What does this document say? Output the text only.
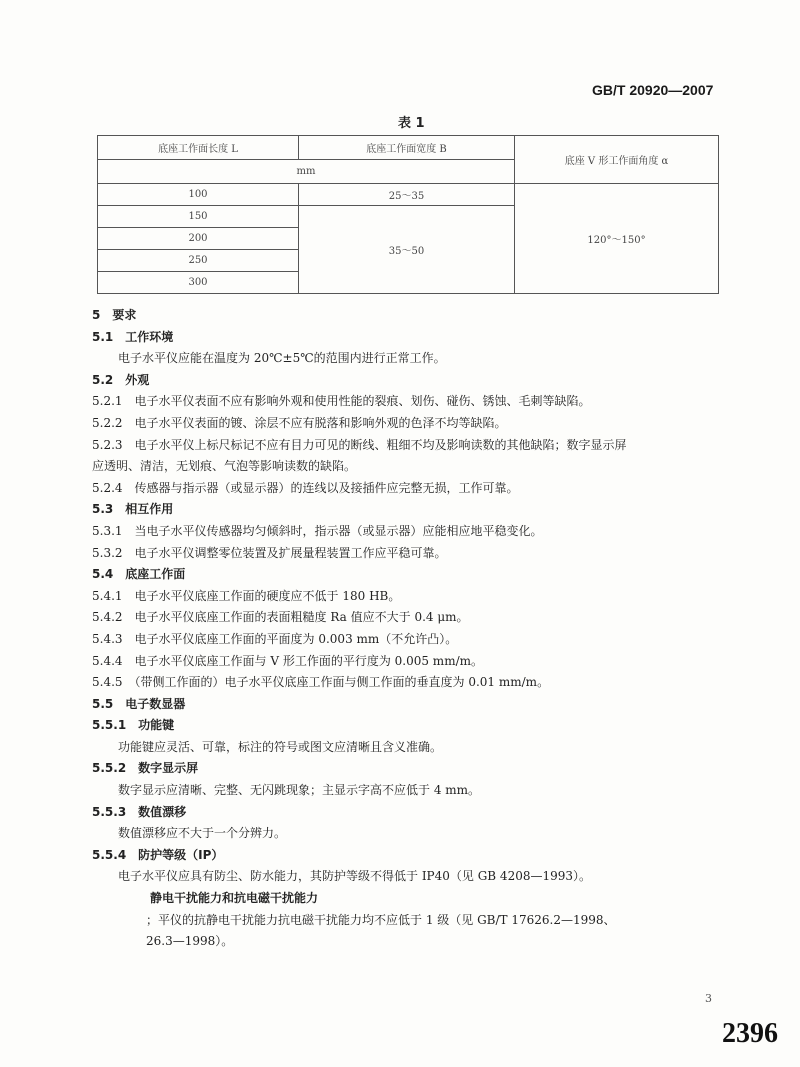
GB/T 20920—2007
表 1
底座工作面长度 L	底座工作面宽度 B	底座 V 形工作面角度 α
mm		
100	25～35	120°～150°
150	35～50	
200		
250		
300		
5　要求
5.1　工作环境
电子水平仪应能在温度为 20℃±5℃的范围内进行正常工作。
5.2　外观
5.2.1　电子水平仪表面不应有影响外观和使用性能的裂痕、划伤、碰伤、锈蚀、毛刺等缺陷。
5.2.2　电子水平仪表面的镀、涂层不应有脱落和影响外观的色泽不均等缺陷。
5.2.3　电子水平仪上标尺标记不应有目力可见的断线、粗细不均及影响读数的其他缺陷；数字显示屏
应透明、清洁，无划痕、气泡等影响读数的缺陷。
5.2.4　传感器与指示器（或显示器）的连线以及接插件应完整无损，工作可靠。
5.3　相互作用
5.3.1　当电子水平仪传感器均匀倾斜时，指示器（或显示器）应能相应地平稳变化。
5.3.2　电子水平仪调整零位装置及扩展量程装置工作应平稳可靠。
5.4　底座工作面
5.4.1　电子水平仪底座工作面的硬度应不低于 180 HB。
5.4.2　电子水平仪底座工作面的表面粗糙度 Ra 值应不大于 0.4 μm。
5.4.3　电子水平仪底座工作面的平面度为 0.003 mm（不允许凸）。
5.4.4　电子水平仪底座工作面与 V 形工作面的平行度为 0.005 mm/m。
5.4.5　（带侧工作面的）电子水平仪底座工作面与侧工作面的垂直度为 0.01 mm/m。
5.5　电子数显器
5.5.1　功能键
功能键应灵活、可靠，标注的符号或图文应清晰且含义准确。
5.5.2　数字显示屏
数字显示应清晰、完整、无闪跳现象；主显示字高不应低于 4 mm。
5.5.3　数值漂移
数值漂移应不大于一个分辨力。
5.5.4　防护等级（IP）
电子水平仪应具有防尘、防水能力，其防护等级不得低于 IP40（见 GB 4208—1993）。
静电干扰能力和抗电磁干扰能力
；平仪的抗静电干扰能力抗电磁干扰能力均不应低于 1 级（见 GB/T 17626.2—1998、
26.3—1998）。
3
2396
